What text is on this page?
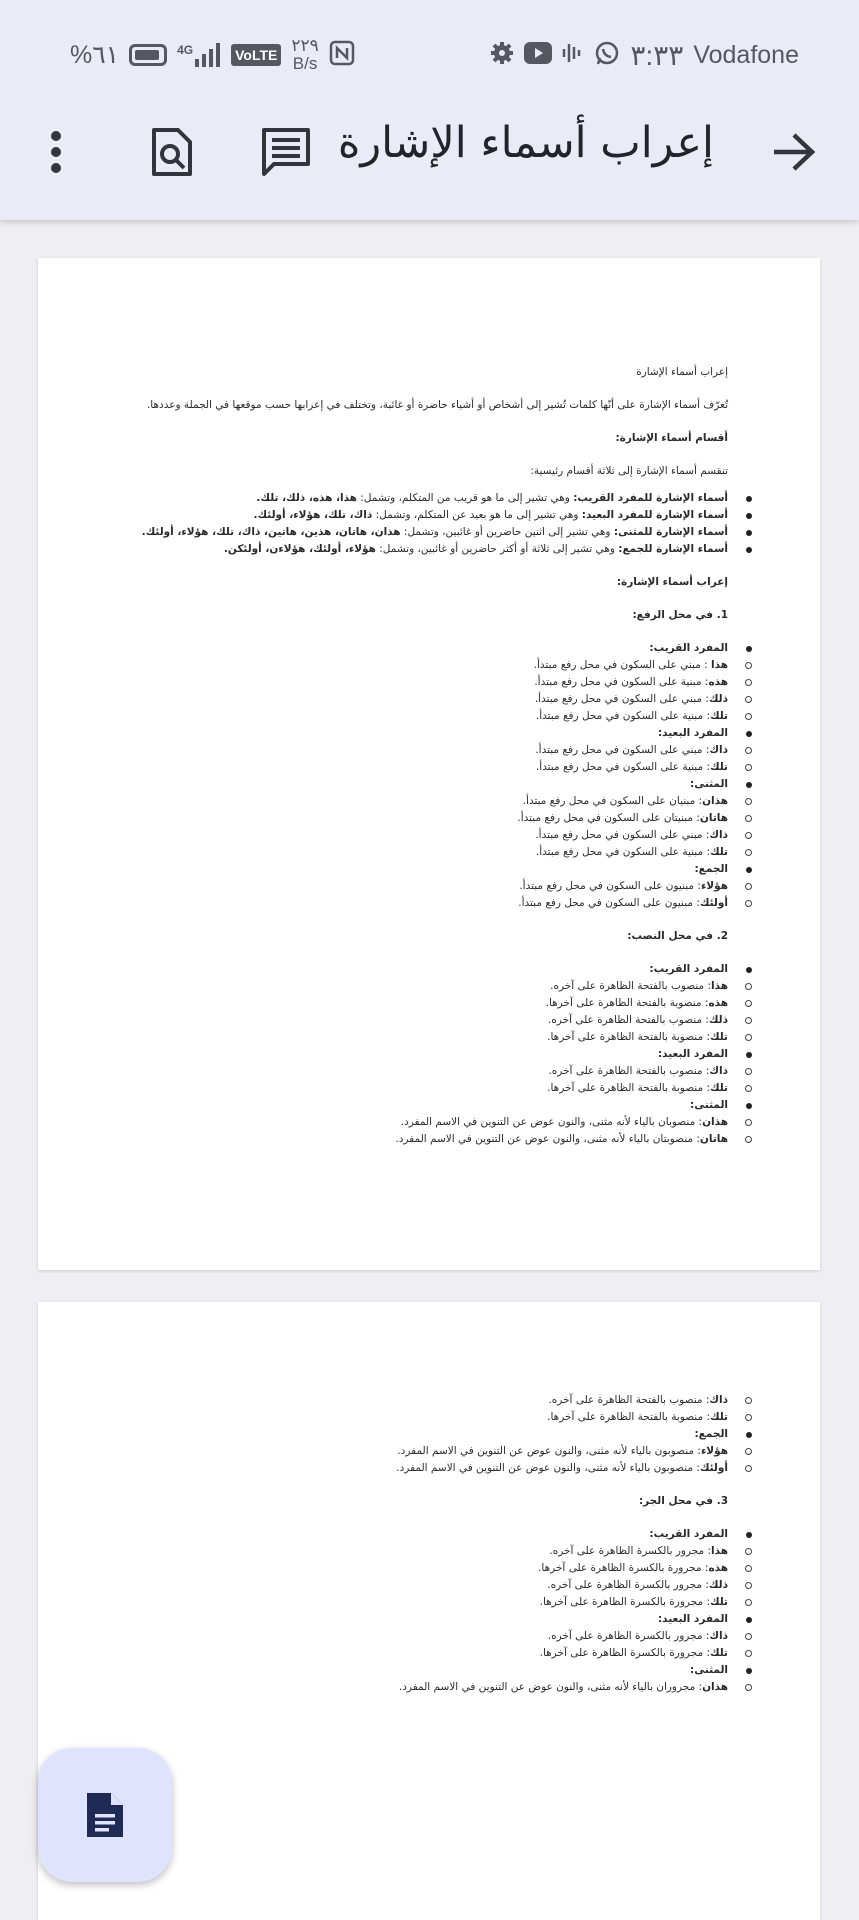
%٦١	4G	VoLTE ٢٢٩
B/s	٣:٣٣ Vodafone
إعراب أسماء الإشارة

إعراب أسماء الإشارة

تُعرّف أسماء الإشارة على أنّها كلمات تُشير إلى أشخاص أو أشياء حاضرة أو غائبة، وتختلف في إعرابها حسب موقعها في الجملة وعددها.

أقسام أسماء الإشارة:

تنقسم أسماء الإشارة إلى ثلاثة أقسام رئيسية:

أسماء الإشارة للمفرد القريب: وهي تشير إلى ما هو قريب من المتكلم، وتشمل: هذا، هذه، ذلك، تلك.
أسماء الإشارة للمفرد البعيد: وهي تشير إلى ما هو بعيد عن المتكلم، وتشمل: ذاك، تلك، هؤلاء، أولئك.
أسماء الإشارة للمثنى: وهي تشير إلى اثنين حاضرين أو غائبين، وتشمل: هذان، هاتان، هذين، هاتين، ذاك، تلك، هؤلاء، أولئك.
أسماء الإشارة للجمع: وهي تشير إلى ثلاثة أو أكثر حاضرين أو غائبين، وتشمل: هؤلاء، أولئك، هؤلاءن، أولئكن.

إعراب أسماء الإشارة:

1. في محل الرفع:

المفرد القريب:
هذا : مبني على السكون في محل رفع مبتدأ.
هذه: مبنية على السكون في محل رفع مبتدأ.
ذلك: مبني على السكون في محل رفع مبتدأ.
تلك: مبنية على السكون في محل رفع مبتدأ.
المفرد البعيد:
ذاك: مبني على السكون في محل رفع مبتدأ.
تلك: مبنية على السكون في محل رفع مبتدأ.
المثنى:
هذان: مبنيان على السكون في محل رفع مبتدأ.
هاتان: مبنيتان على السكون في محل رفع مبتدأ.
ذاك: مبني على السكون في محل رفع مبتدأ.
تلك: مبنية على السكون في محل رفع مبتدأ.
الجمع:
هؤلاء: مبنيون على السكون في محل رفع مبتدأ.
أولئك: مبنيون على السكون في محل رفع مبتدأ.

2. في محل النصب:

المفرد القريب:
هذا: منصوب بالفتحة الظاهرة على آخره.
هذه: منصوبة بالفتحة الظاهرة على آخرها.
ذلك: منصوب بالفتحة الظاهرة على آخره.
تلك: منصوبة بالفتحة الظاهرة على آخرها.
المفرد البعيد:
ذاك: منصوب بالفتحة الظاهرة على آخره.
تلك: منصوبة بالفتحة الظاهرة على آخرها.
المثنى:
هذان: منصوبان بالياء لأنه مثنى، والنون عوض عن التنوين في الاسم المفرد.
هاتان: منصوبتان بالياء لأنه مثنى، والنون عوض عن التنوين في الاسم المفرد.
ذاك: منصوب بالفتحة الظاهرة على آخره.
تلك: منصوبة بالفتحة الظاهرة على آخرها.
الجمع:
هؤلاء: منصوبون بالياء لأنه مثنى، والنون عوض عن التنوين في الاسم المفرد.
أولئك: منصوبون بالياء لأنه مثنى، والنون عوض عن التنوين في الاسم المفرد.

3. في محل الجر:

المفرد القريب:
هذا: مجرور بالكسرة الظاهرة على آخره.
هذه: مجرورة بالكسرة الظاهرة على آخرها.
ذلك: مجرور بالكسرة الظاهرة على آخره.
تلك: مجرورة بالكسرة الظاهرة على آخرها.
المفرد البعيد:
ذاك: مجرور بالكسرة الظاهرة على آخره.
تلك: مجرورة بالكسرة الظاهرة على آخرها.
المثنى:
هذان: مجروران بالياء لأنه مثنى، والنون عوض عن التنوين في الاسم المفرد.
